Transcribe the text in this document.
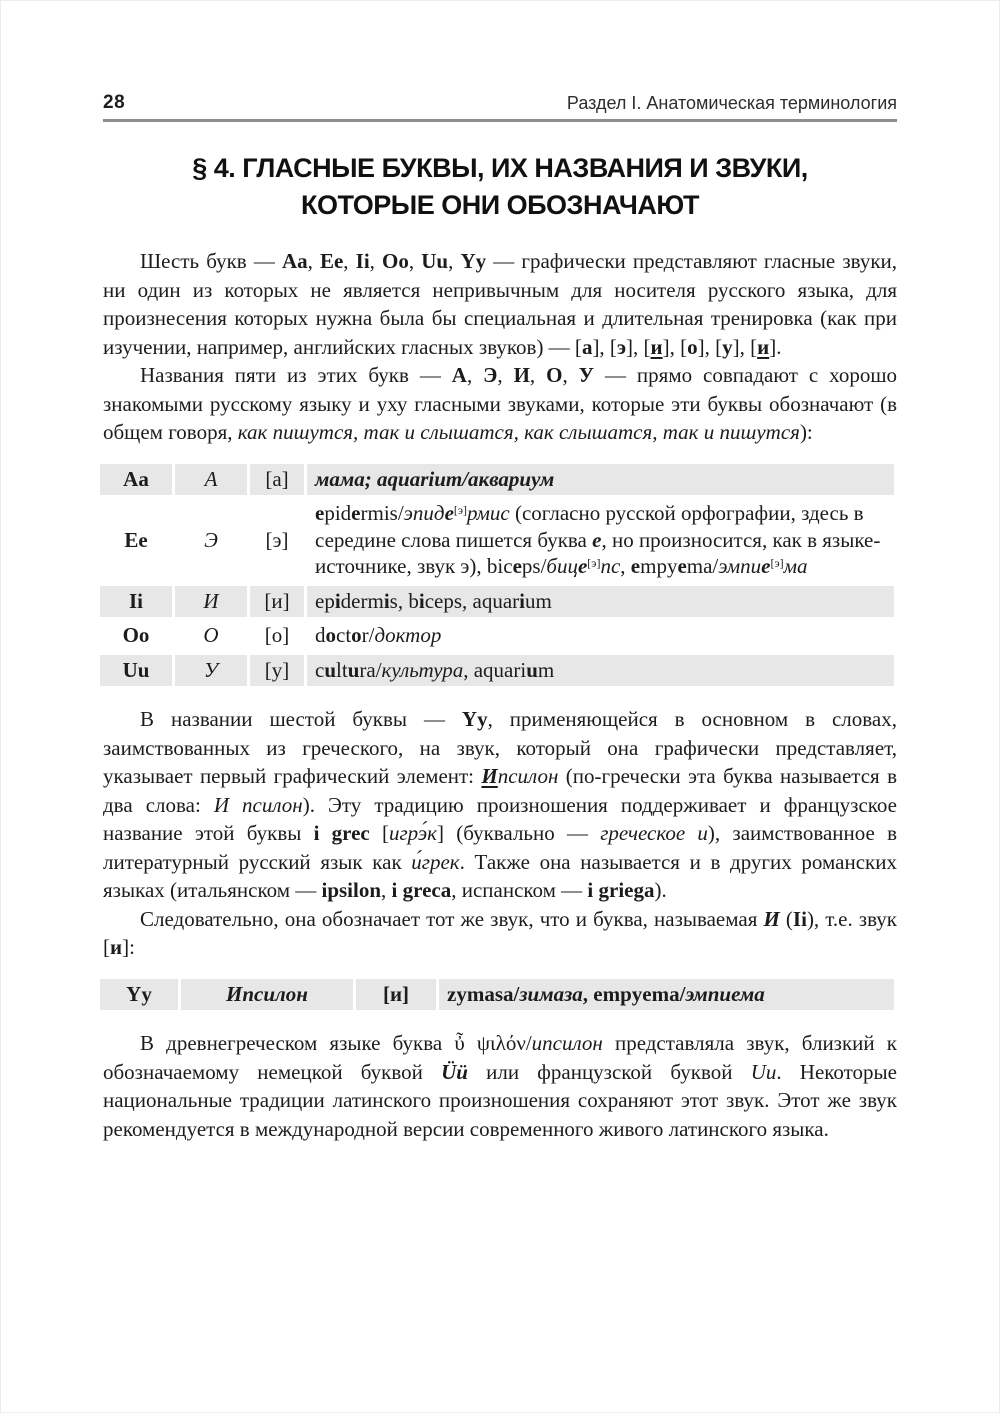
28	Раздел I. Анатомическая терминология
§ 4. ГЛАСНЫЕ БУКВЫ, ИХ НАЗВАНИЯ И ЗВУКИ,
КОТОРЫЕ ОНИ ОБОЗНАЧАЮТ

Шесть букв — Aa, Ee, Ii, Oo, Uu, Yy — графически представляют гласные звуки, ни один из которых не является непривычным для носителя русского языка, для произнесения которых нужна была бы специальная и длительная тренировка (как при изучении, например, английских гласных звуков) — [а], [э], [и], [о], [у], [и].

Названия пяти из этих букв — А, Э, И, О, У — прямо совпадают с хорошо знакомыми русскому языку и уху гласными звуками, которые эти буквы обозначают (в общем говоря, как пишутся, так и слышатся, как слышатся, так и пишутся):

Aa	А	[а]	мама; aquarium/аквариум
Ee	Э	[э]	epidermis/эпиде[э]рмис (согласно русской орфографии, здесь в середине слова пишется буква е, но произносится, как в языке-источнике, звук э), biceps/бице[э]пс, empyema/эмпие[э]ма
Ii	И	[и]	epidermis, biceps, aquarium
Oo	О	[о]	doctor/доктор
Uu	У	[у]	cultura/культура, aquarium

В названии шестой буквы — Yy, применяющейся в основном в словах, заимствованных из греческого, на звук, который она графически представляет, указывает первый графический элемент: Ипсилон (по-гречески эта буква называется в два слова: И псилон). Эту традицию произношения поддерживает и французское название этой буквы i grec [игрэ́к] (буквально — греческое и), заимствованное в литературный русский язык как и́грек. Также она называется и в других романских языках (итальянском — ipsilon, i greca, испанском — i griega).

Следовательно, она обозначает тот же звук, что и буква, называемая И (Ii), т.е. звук [и]:

Yy	Ипсилон	[и]	zymasa/зимаза, empyema/эмпиема

В древнегреческом языке буква ὖ ψιλόν/ипсилон представляла звук, близкий к обозначаемому немецкой буквой Üü или французской буквой Uu. Некоторые национальные традиции латинского произношения сохраняют этот звук. Этот же звук рекомендуется в международной версии современного живого латинского языка.
